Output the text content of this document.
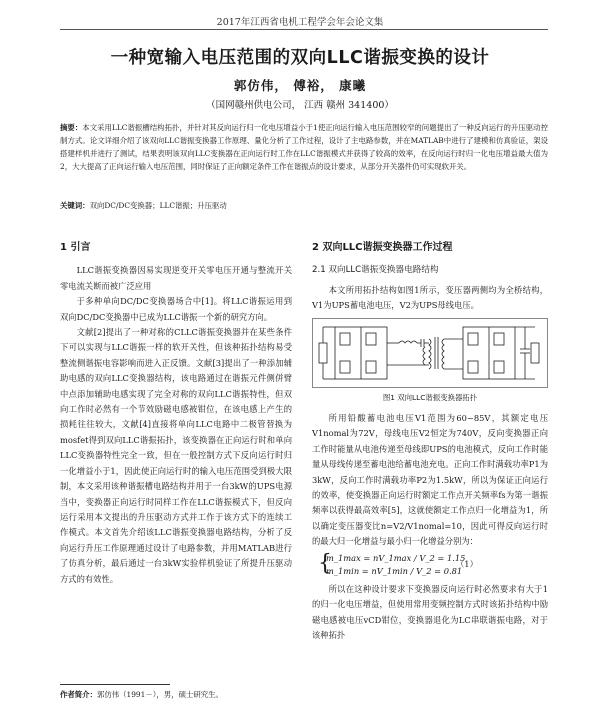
2017年江西省电机工程学会年会论文集
一种宽输入电压范围的双向LLC谐振变换的设计
郭仿伟， 傅裕， 康曦
（国网赣州供电公司， 江西 赣州 341400）
摘要：本文采用LLC谐振槽结构拓扑，并针对其反向运行归一化电压增益小于1使正向运行输入电压范围较窄的问题提出了一种反向运行的升压驱动控制方式。论文详细介绍了该双向LLC谐振变换器工作原理、量化分析了工作过程，设计了主电路参数，并在MATLAB中进行了建模和仿真验证，架设搭建样机并进行了测试，结果表明该双向LLC变换器在正向运行时工作在LLC谐振模式并获得了较高的效率，在反向运行时归一化电压增益最大值为2，大大提高了正向运行输入电压范围，同时保证了正向额定条件工作在谐振点的设计要求，从部分开关器件仍可实现软开关。
关键词：双向DC/DC变换器；LLC谐振；升压驱动
1 引言

LLC谐振变换器因易实现逆变开关零电压开通与整流开关零电流关断而被广泛应用

于多种单向DC/DC变换器场合中[1]。将LLC谐振运用到双向DC/DC变换器中已成为LLC谐振一个新的研究方向。

文献[2]提出了一种对称的CLLC谐振变换器并在某些条件下可以实现与LLC谐振一样的软开关性，但该种拓扑结构易受整流侧谐振电容影响而进入正反馈。文献[3]提出了一种添加辅助电感的双向LLC变换器结构，该电路通过在谐振元件侧併臂中点添加辅助电感实现了完全对称的双向LLC谐振特性，但双向工作时必然有一个节效励磁电感被钳位，在该电感上产生的损耗往往较大，文献[4]直接将单向LLC电路中二极管替换为mosfet得到双向LLC谐振拓扑，该变换器在正向运行时和单向LLC变换器特性完全一致，但在一般控制方式下反向运行时归一化增益小于1，因此使正向运行时的输入电压范围受到极大限制，本文采用该种谐振槽电路结构并用于一台3kW的UPS电源当中，变换器正向运行时同样工作在LLC谐振模式下，但反向运行采用本文提出的升压驱动方式并工作于该方式下的连续工作模式。本文首先介绍该LLC谐振变换器电路结构，分析了反向运行升压工作原理通过设计了电路参数，并用MATLAB进行了仿真分析，最后通过一台3kW实验样机验证了所提升压驱动方式的有效性。

2 双向LLC谐振变换器工作过程
2.1 双向LLC谐振变换器电路结构

本文所用拓扑结构如图1所示，变压器两侧均为全桥结构，V1为UPS蓄电池电压，V2为UPS母线电压。

图1 双向LLC谐振变换器拓扑

所用铅酸蓄电池电压V1范围为60~85V，其额定电压V1nomal为72V，母线电压V2恒定为740V，反向变换器正向工作时能量从电池传递至母线即UPS的电池模式，反向工作时能量从母线传递至蓄电池给蓄电池充电。正向工作时满载功率P1为3kW，反向工作时满载功率P2为1.5kW，所以为保证正向运行的效率，使变换器正向运行时额定工作点开关频率fs为第一谐振频率以获得最高效率[5]，这就使额定工作点归一化增益为1，所以确定变压器变比n=V2/V1nomal=10，因此可得反向运行时的最大归一化增益与最小归一化增益分别为：

{
m_1max = nV_1max / V_2 = 1.15
m_1min = nV_1min / V_2 = 0.81
（1）

所以在这种设计要求下变换器反向运行时必然要求有大于1的归一化电压增益，但使用常用变频控制方式时该拓扑结构中励磁电感被电压vCD钳位，变换器退化为LC串联谐振电路，对于该种拓扑

作者简介：郭仿伟（1991－），男，硕士研究生。
